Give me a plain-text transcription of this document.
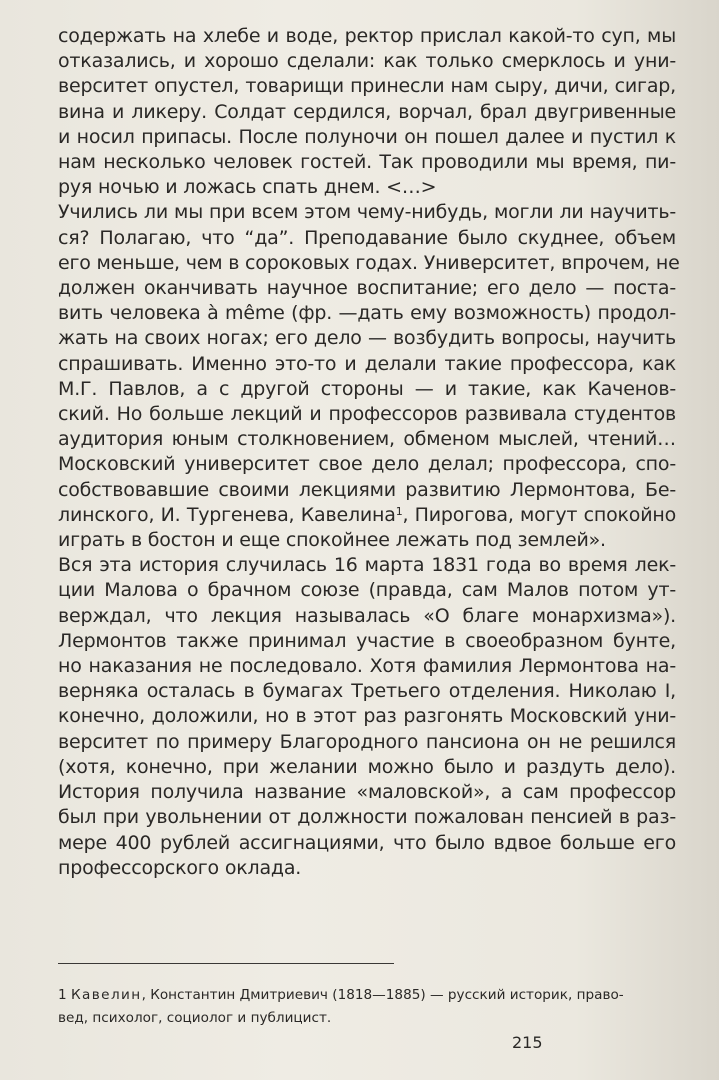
содержать на хлебе и воде, ректор прислал какой-то суп, мы
отказались, и хорошо сделали: как только смерклось и уни-
верситет опустел, товарищи принесли нам сыру, дичи, сигар,
вина и ликеру. Солдат сердился, ворчал, брал двугривенные
и носил припасы. После полуночи он пошел далее и пустил к
нам несколько человек гостей. Так проводили мы время, пи-
руя ночью и ложась спать днем. <…>
Учились ли мы при всем этом чему-нибудь, могли ли научить-
ся? Полагаю, что “да”. Преподавание было скуднее, объем
его меньше, чем в сороковых годах. Университет, впрочем, не
должен оканчивать научное воспитание; его дело — поста-
вить человека à même (фр. —дать ему возможность) продол-
жать на своих ногах; его дело — возбудить вопросы, научить
спрашивать. Именно это-то и делали такие профессора, как
М.Г. Павлов, а с другой стороны — и такие, как Каченов-
ский. Но больше лекций и профессоров развивала студентов
аудитория юным столкновением, обменом мыслей, чтений…
Московский университет свое дело делал; профессора, спо-
собствовавшие своими лекциями развитию Лермонтова, Бе-
линского, И. Тургенева, Кавелина$^1$, Пирогова, могут спокойно
играть в бостон и еще спокойнее лежать под землей».
Вся эта история случилась 16 марта 1831 года во время лек-
ции Малова о брачном союзе (правда, сам Малов потом ут-
верждал, что лекция называлась «О благе монархизма»).
Лермонтов также принимал участие в своеобразном бунте,
но наказания не последовало. Хотя фамилия Лермонтова на-
верняка осталась в бумагах Третьего отделения. Николаю I,
конечно, доложили, но в этот раз разгонять Московский уни-
верситет по примеру Благородного пансиона он не решился
(хотя, конечно, при желании можно было и раздуть дело).
История получила название «маловской», а сам профессор
был при увольнении от должности пожалован пенсией в раз-
мере 400 рублей ассигнациями, что было вдвое больше его
профессорского оклада.
1 Кавелин, Константин Дмитриевич (1818—1885) — русский историк, право-
вед, психолог, социолог и публицист.
215
